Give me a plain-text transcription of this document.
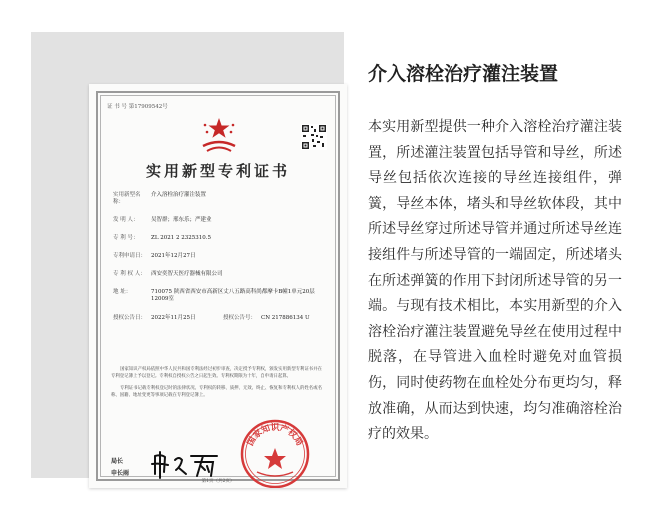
证 书 号 第17909542号
实用新型专利证书
实用新型名称：
介入溶栓治疗灌注装置
发 明 人：	吴智群；邢东乐；严建业
专 利 号：	ZL 2021 2 2325310.5
专利申请日： 2021年12月27日
专 利 权 人： 西安奕智天医疗器械有限公司
地 址：	710075 陕西省西安市高新区丈八五路高科尚都摩卡B幢1单元20层12009室
授权公告日： 2022年11月25日	授权公告号： CN 217886134 U

国家知识产权局依照中华人民共和国专利法经过初步审查，决定授予专利权，颁发实用新型专利证书并在专利登记簿上予以登记。专利权自授权公告之日起生效。专利权期限为十年，自申请日起算。

专利证书记载专利权登记时的法律状况。专利权的转移、质押、无效、终止、恢复和专利权人的姓名或名称、国籍、地址变更等事项记载在专利登记簿上。

局长
申长雨
国家知识产权局
第1页（共2页）
介入溶栓治疗灌注装置
本实用新型提供一种介入溶栓治疗灌注装置，所述灌注装置包括导管和导丝，所述导丝包括依次连接的导丝连接组件，弹簧，导丝本体，堵头和导丝软体段，其中所述导丝穿过所述导管并通过所述导丝连接组件与所述导管的一端固定，所述堵头在所述弹簧的作用下封闭所述导管的另一端。与现有技术相比，本实用新型的介入溶栓治疗灌注装置避免导丝在使用过程中脱落，在导管进入血栓时避免对血管损伤，同时使药物在血栓处分布更均匀，释放准确，从而达到快速，均匀准确溶栓治疗的效果。
